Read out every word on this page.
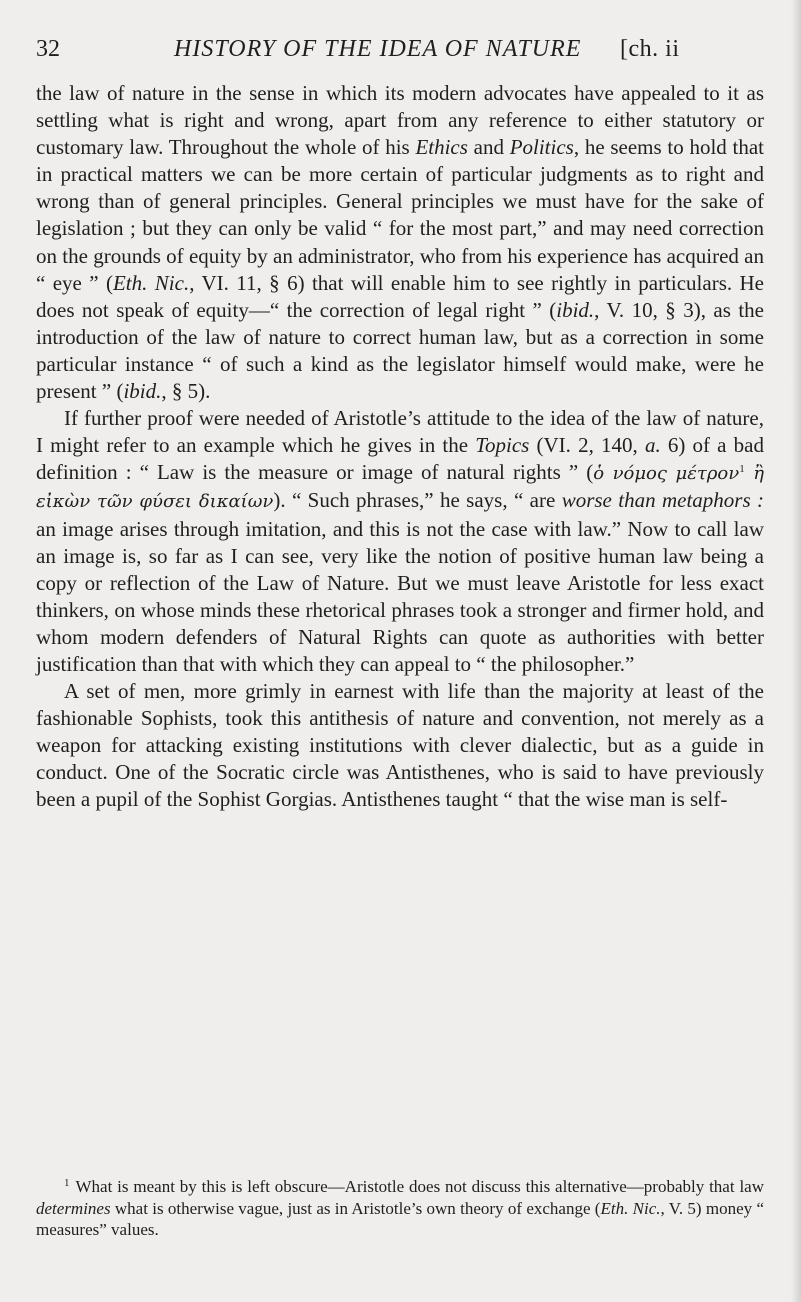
32	HISTORY OF THE IDEA OF NATURE [ch. ii

the law of nature in the sense in which its modern advocates have appealed to it as settling what is right and wrong, apart from any reference to either statutory or customary law. Throughout the whole of his Ethics and Politics, he seems to hold that in practical matters we can be more certain of particular judgments as to right and wrong than of general principles. General principles we must have for the sake of legislation ; but they can only be valid “ for the most part,” and may need correction on the grounds of equity by an administrator, who from his experience has acquired an “ eye ” (Eth. Nic., VI. 11, § 6) that will enable him to see rightly in particulars. He does not speak of equity—“ the correction of legal right ” (ibid., V. 10, § 3), as the introduction of the law of nature to correct human law, but as a correction in some particular instance “ of such a kind as the legislator himself would make, were he present ” (ibid., § 5).

If further proof were needed of Aristotle’s attitude to the idea of the law of nature, I might refer to an example which he gives in the Topics (VI. 2, 140, a. 6) of a bad definition : “ Law is the measure or image of natural rights ” (ὁ νόμος μέτρον$^1$ ἢ εἰκὼν τῶν φύσει δικαίων). “ Such phrases,” he says, “ are worse than metaphors : an image arises through imitation, and this is not the case with law.” Now to call law an image is, so far as I can see, very like the notion of positive human law being a copy or reflection of the Law of Nature. But we must leave Aristotle for less exact thinkers, on whose minds these rhetorical phrases took a stronger and firmer hold, and whom modern defenders of Natural Rights can quote as authorities with better justification than that with which they can appeal to “ the philosopher.”

A set of men, more grimly in earnest with life than the majority at least of the fashionable Sophists, took this antithesis of nature and convention, not merely as a weapon for attacking existing institutions with clever dialectic, but as a guide in conduct. One of the Socratic circle was Antisthenes, who is said to have previously been a pupil of the Sophist Gorgias. Antisthenes taught “ that the wise man is self-

$^1$ What is meant by this is left obscure—Aristotle does not discuss this alternative—probably that law determines what is otherwise vague, just as in Aristotle’s own theory of exchange (Eth. Nic., V. 5) money “ measures” values.
